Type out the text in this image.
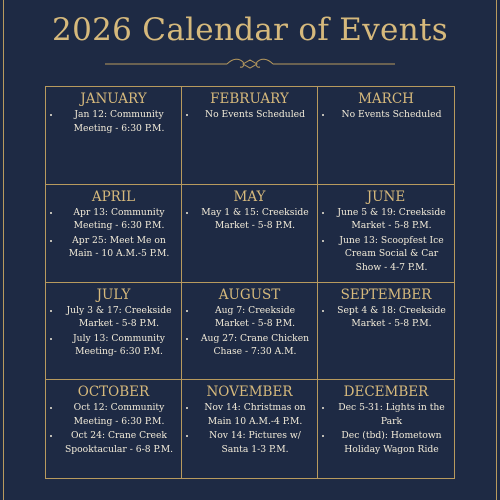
2026 Calendar of Events
JANUARY
• Jan 12: Community Meeting - 6:30 P.M.
FEBRUARY
• No Events Scheduled
MARCH
• No Events Scheduled
APRIL
• Apr 13: Community Meeting - 6:30 P.M.
• Apr 25: Meet Me on Main - 10 A.M.-5 P.M.
MAY
• May 1 & 15: Creekside Market - 5-8 P.M.
JUNE
• June 5 & 19: Creekside Market - 5-8 P.M.
• June 13: Scoopfest Ice Cream Social & Car Show - 4-7 P.M.
JULY
• July 3 & 17: Creekside Market - 5-8 P.M.
• July 13: Community Meeting- 6:30 P.M.
AUGUST
• Aug 7: Creekside Market - 5-8 P.M.
• Aug 27: Crane Chicken Chase - 7:30 A.M.
SEPTEMBER
• Sept 4 & 18: Creekside Market - 5-8 P.M.
OCTOBER
• Oct 12: Community Meeting - 6:30 P.M.
• Oct 24: Crane Creek Spooktacular - 6-8 P.M.
NOVEMBER
• Nov 14: Christmas on Main 10 A.M.-4 P.M.
• Nov 14: Pictures w/ Santa 1-3 P.M.
DECEMBER
• Dec 5-31: Lights in the Park
• Dec (tbd): Hometown Holiday Wagon Ride
